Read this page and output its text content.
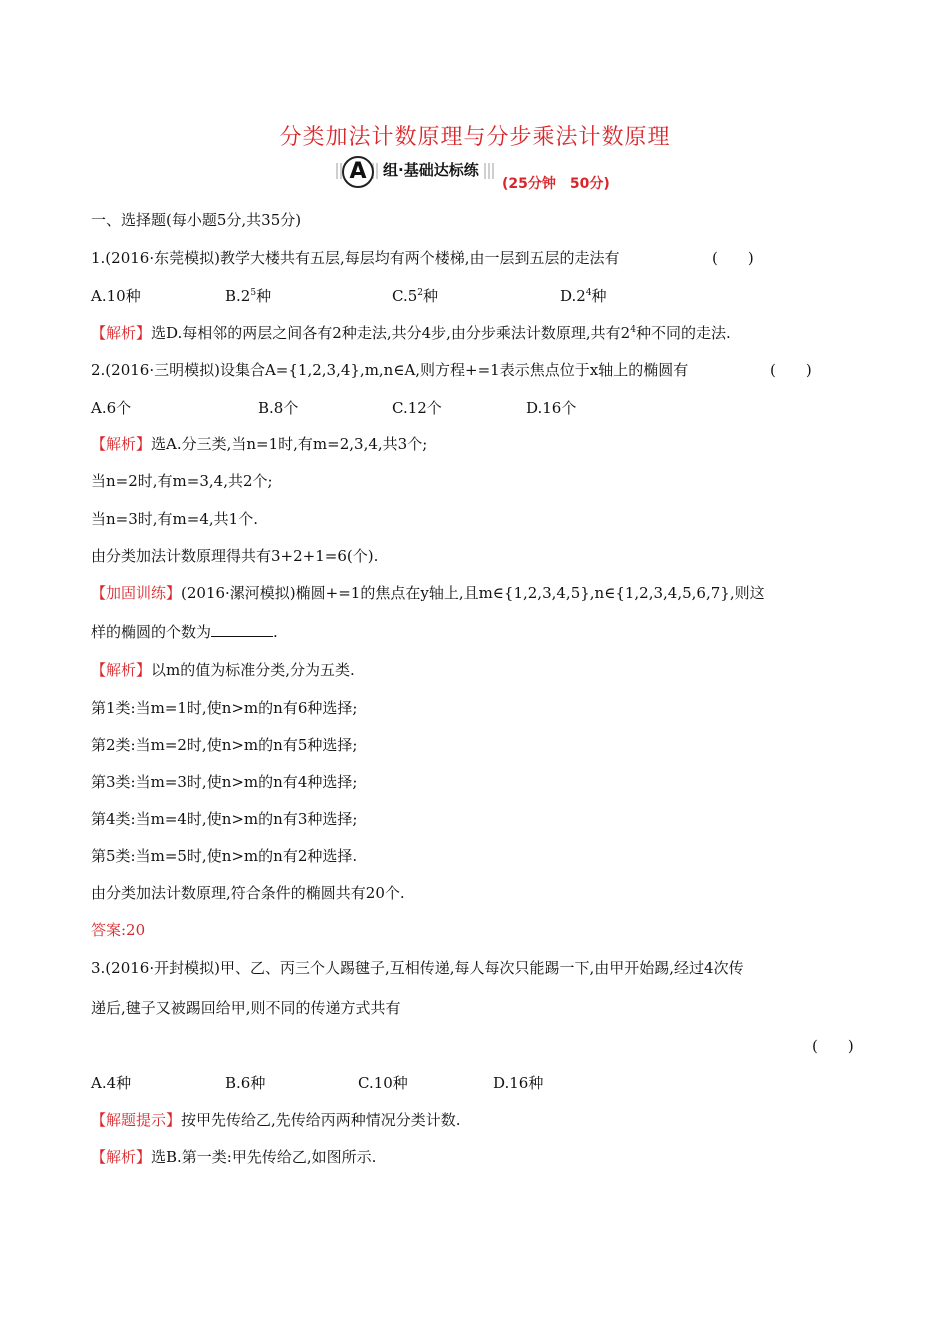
分类加法计数原理与分步乘法计数原理
A	组·基础达标练
(25分钟　50分)
一、选择题(每小题5分,共35分)
1.(2016·东莞模拟)教学大楼共有五层,每层均有两个楼梯,由一层到五层的走法有	(　　)
A.10种	$B.2^5$种	$C.5^2$种	$D.2^4$种
【解析】选D.每相邻的两层之间各有2种走法,共分4步,由分步乘法计数原理,共有$2^4$种不同的走法.
2.(2016·三明模拟)设集合A={1,2,3,4},m,n∈A,则方程+=1表示焦点位于x轴上的椭圆有	(　　)
A.6个	B.8个	C.12个	D.16个
【解析】选A.分三类,当n=1时,有m=2,3,4,共3个;
当n=2时,有m=3,4,共2个;
当n=3时,有m=4,共1个.
由分类加法计数原理得共有3+2+1=6(个).
【加固训练】(2016·漯河模拟)椭圆+=1的焦点在y轴上,且m∈{1,2,3,4,5},n∈{1,2,3,4,5,6,7},则这
样的椭圆的个数为	.
【解析】以m的值为标准分类,分为五类.
第1类:当m=1时,使n>m的n有6种选择;
第2类:当m=2时,使n>m的n有5种选择;
第3类:当m=3时,使n>m的n有4种选择;
第4类:当m=4时,使n>m的n有3种选择;
第5类:当m=5时,使n>m的n有2种选择.
由分类加法计数原理,符合条件的椭圆共有20个.
答案:20
3.(2016·开封模拟)甲、乙、丙三个人踢毽子,互相传递,每人每次只能踢一下,由甲开始踢,经过4次传
递后,毽子又被踢回给甲,则不同的传递方式共有
(　　)
A.4种	B.6种	C.10种	D.16种
【解题提示】按甲先传给乙,先传给丙两种情况分类计数.
【解析】选B.第一类:甲先传给乙,如图所示.
